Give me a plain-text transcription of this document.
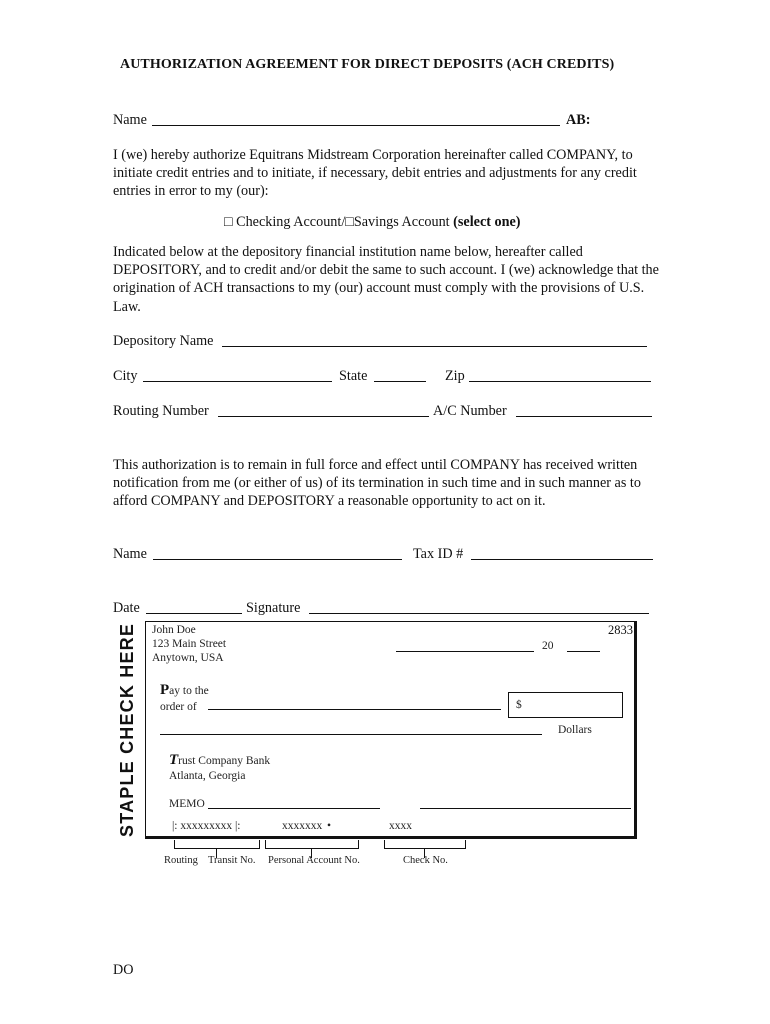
AUTHORIZATION AGREEMENT FOR DIRECT DEPOSITS (ACH CREDITS)
Name	AB:
I (we) hereby authorize Equitrans Midstream Corporation hereinafter called COMPANY, to initiate credit entries and to initiate, if necessary, debit entries and adjustments for any credit entries in error to my (our):
□ Checking Account/□Savings Account (select one)
Indicated below at the depository financial institution name below, hereafter called DEPOSITORY, and to credit and/or debit the same to such account. I (we) acknowledge that the origination of ACH transactions to my (our) account must comply with the provisions of U.S. Law.
Depository Name
City	State	Zip
Routing Number	A/C Number
This authorization is to remain in full force and effect until COMPANY has received written notification from me (or either of us) of its termination in such time and in such manner as to afford COMPANY and DEPOSITORY a reasonable opportunity to act on it.
Name	Tax ID #
Date	Signature
STAPLE CHECK HERE John Doe
123 Main Street
Anytown, USA
2833
20
Pay to the
order of	$
Dollars
Trust Company Bank
Atlanta, Georgia
MEMO
|: xxxxxxxxx |:	xxxxxxx •	xxxx
Routing Transit No. Personal Account No.	Check No.
DO
